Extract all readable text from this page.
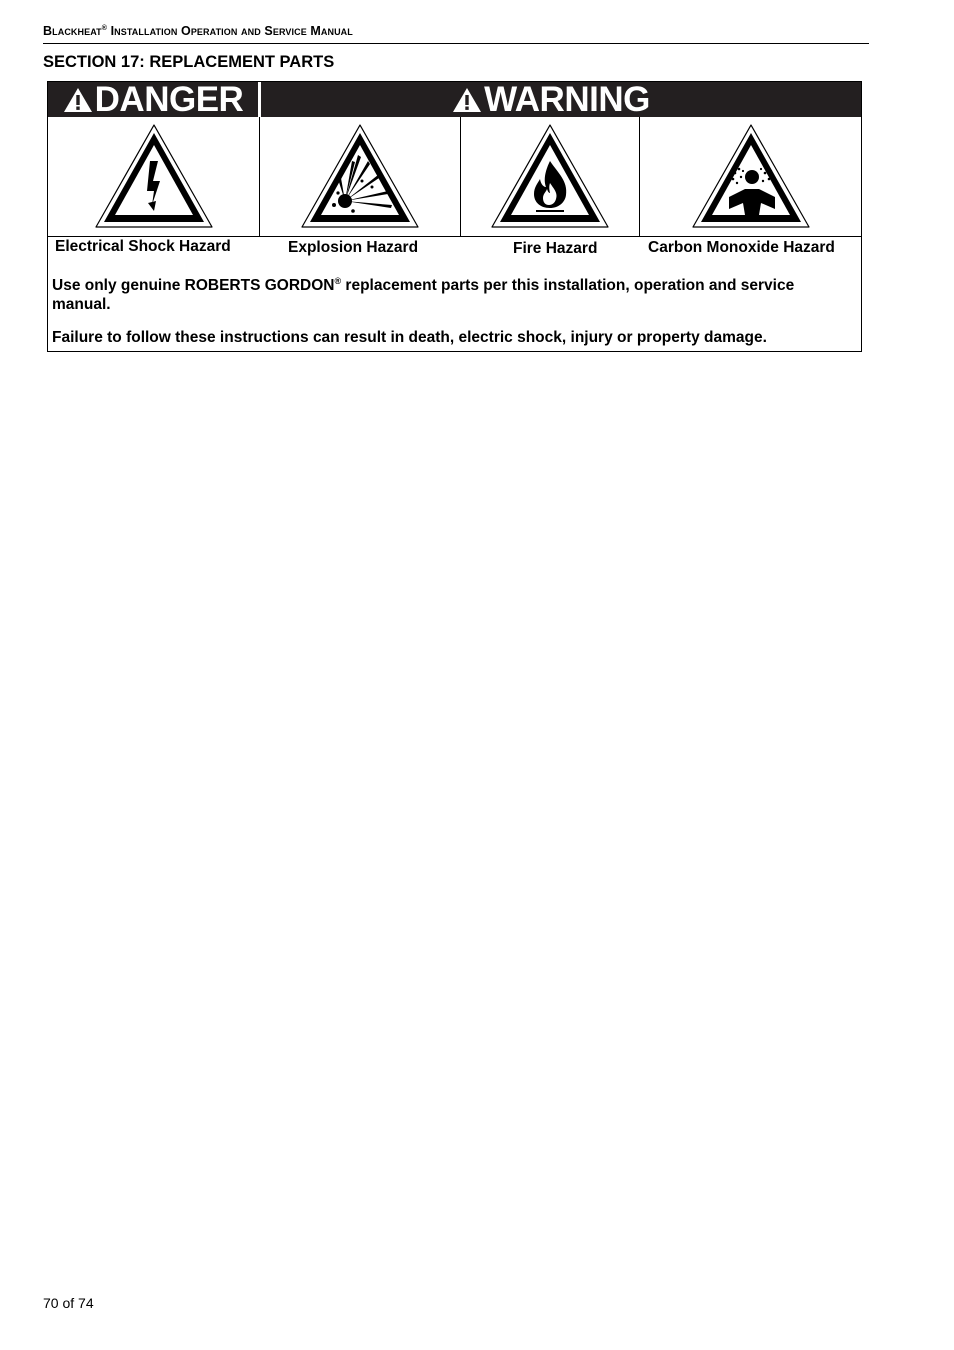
Blackheat® Installation Operation and Service Manual
SECTION 17: REPLACEMENT PARTS
DANGER	WARNING
Electrical Shock Hazard	Explosion Hazard	Fire Hazard	Carbon Monoxide Hazard
Use only genuine ROBERTS GORDON® replacement parts per this installation, operation and service manual.
Failure to follow these instructions can result in death, electric shock, injury or property damage.
70 of 74
